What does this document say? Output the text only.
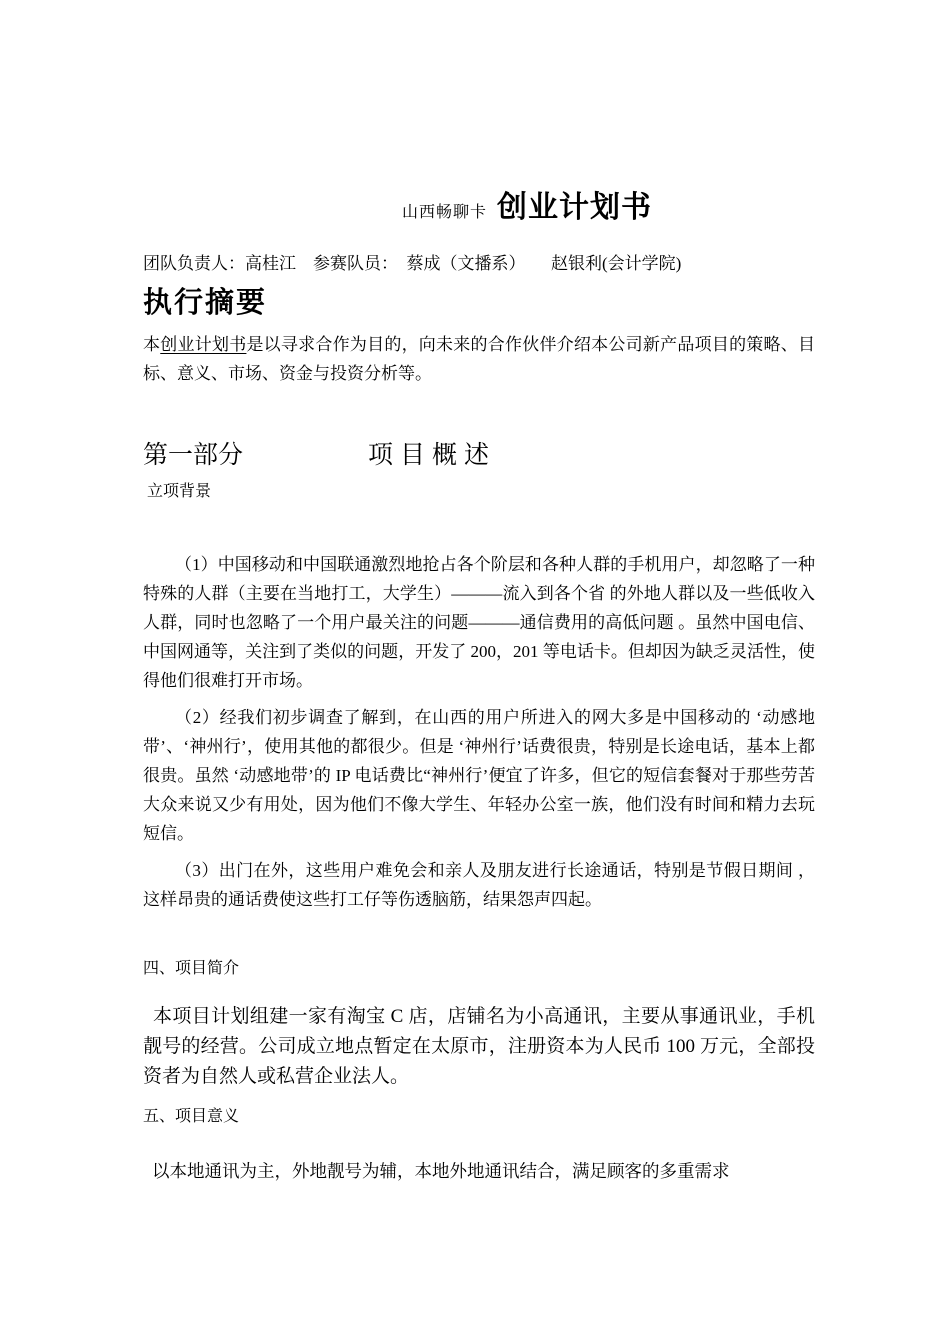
山西畅聊卡 创业计划书
团队负责人：高桂江　参赛队员：　蔡成（文播系）　　赵银利(会计学院)
执行摘要
本创业计划书是以寻求合作为目的，向未来的合作伙伴介绍本公司新产品项目的策略、目标、意义、市场、资金与投资分析等。
第一部分	项目概述
立项背景
（1）中国移动和中国联通激烈地抢占各个阶层和各种人群的手机用户，却忽略了一种特殊的人群（主要在当地打工，大学生）———流入到各个省 的外地人群以及一些低收入人群，同时也忽略了一个用户最关注的问题———通信费用的高低问题 。虽然中国电信、中国网通等，关注到了类似的问题，开发了 200，201 等电话卡。但却因为缺乏灵活性，使得他们很难打开市场。
（2）经我们初步调查了解到，在山西的用户所进入的网大多是中国移动的 ‘动感地带’、‘神州行’，使用其他的都很少。但是 ‘神州行’话费很贵，特别是长途电话，基本上都很贵。虽然 ‘动感地带’的 IP 电话费比“神州行’便宜了许多，但它的短信套餐对于那些劳苦大众来说又少有用处，因为他们不像大学生、年轻办公室一族，他们没有时间和精力去玩短信。
（3）出门在外，这些用户难免会和亲人及朋友进行长途通话，特别是节假日期间 ，这样昂贵的通话费使这些打工仔等伤透脑筋，结果怨声四起。
四、项目简介
本项目计划组建一家有淘宝 C 店，店铺名为小高通讯，主要从事通讯业，手机靓号的经营。公司成立地点暂定在太原市，注册资本为人民币 100 万元，全部投资者为自然人或私营企业法人。
五、项目意义
以本地通讯为主，外地靓号为辅，本地外地通讯结合，满足顾客的多重需求
